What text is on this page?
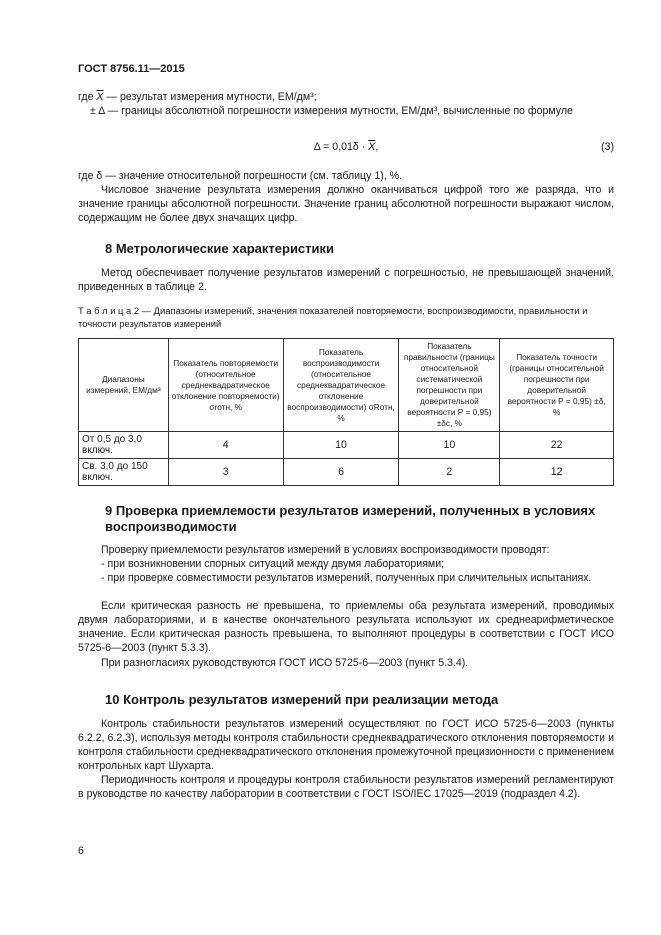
ГОСТ 8756.11—2015
где $\overline{X}$ — результат измерения мутности, ЕМ/дм³;
± Δ — границы абсолютной погрешности измерения мутности, ЕМ/дм³, вычисленные по формуле
$\Delta = 0,01\delta \cdot \overline{X}$,	(3)
где δ — значение относительной погрешности (см. таблицу 1), %.
Числовое значение результата измерения должно оканчиваться цифрой того же разряда, что и значение границы абсолютной погрешности. Значение границ абсолютной погрешности выражают числом, содержащим не более двух значащих цифр.
8 Метрологические характеристики
Метод обеспечивает получение результатов измерений с погрешностью, не превышающей значений, приведенных в таблице 2.
Т а б л и ц а 2 — Диапазоны измерений, значения показателей повторяемости, воспроизводимости, правильности и точности результатов измерений
Диапазоны измерений, ЕМ/дм³	Показатель повторяемости (относительное среднеквадратическое отклонение повторяемости) σrотн, %	Показатель воспроизводимости (относительное среднеквадратическое отклонение воспроизводимости) σRотн, %	Показатель правильности (границы относительной систематической погрешности при доверительной вероятности P = 0,95) ±δс, %	Показатель точности (границы относительной погрешности при доверительной вероятности P = 0,95) ±δ, %
От 0,5 до 3,0 включ.	4	10	10	22
Св. 3,0 до 150 включ.	3	6	2	12
9 Проверка приемлемости результатов измерений, полученных в условиях воспроизводимости
Проверку приемлемости результатов измерений в условиях воспроизводимости проводят:
- при возникновении спорных ситуаций между двумя лабораториями;
- при проверке совместимости результатов измерений, полученных при сличительных испытаниях.
Если критическая разность не превышена, то приемлемы оба результата измерений, проводимых двумя лабораториями, и в качестве окончательного результата используют их среднеарифметическое значение. Если критическая разность превышена, то выполняют процедуры в соответствии с ГОСТ ИСО 5725-6—2003 (пункт 5.3.3).
При разногласиях руководствуются ГОСТ ИСО 5725-6—2003 (пункт 5.3.4).
10 Контроль результатов измерений при реализации метода
Контроль стабильности результатов измерений осуществляют по ГОСТ ИСО 5725-6—2003 (пункты 6.2.2, 6.2.3), используя методы контроля стабильности среднеквадратического отклонения повторяемости и контроля стабильности среднеквадратического отклонения промежуточной прецизионности с применением контрольных карт Шухарта.
Периодичность контроля и процедуры контроля стабильности результатов измерений регламентируют в руководстве по качеству лаборатории в соответствии с ГОСТ ISO/IEC 17025—2019 (подраздел 4.2).
6
